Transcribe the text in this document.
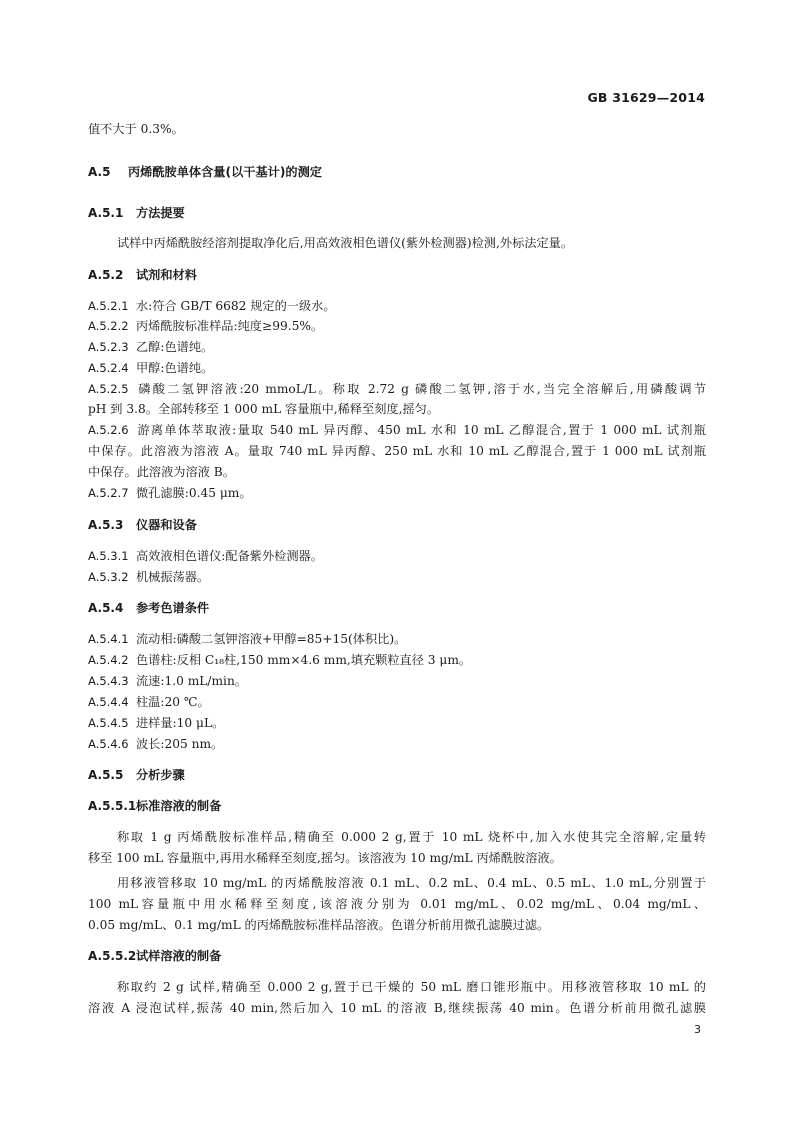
GB 31629—2014
值不大于 0.3%。
A.5 丙烯酰胺单体含量(以干基计)的测定
A.5.1 方法提要
试样中丙烯酰胺经溶剂提取净化后,用高效液相色谱仪(紫外检测器)检测,外标法定量。
A.5.2 试剂和材料
A.5.2.1 水:符合 GB/T 6682 规定的一级水。
A.5.2.2 丙烯酰胺标准样品:纯度≥99.5%。
A.5.2.3 乙醇:色谱纯。
A.5.2.4 甲醇:色谱纯。
A.5.2.5 磷酸二氢钾溶液:20 mmoL/L。称取 2.72 g 磷酸二氢钾,溶于水,当完全溶解后,用磷酸调节
pH 到 3.8。全部转移至 1 000 mL 容量瓶中,稀释至刻度,摇匀。
A.5.2.6 游离单体萃取液:量取 540 mL 异丙醇、450 mL 水和 10 mL 乙醇混合,置于 1 000 mL 试剂瓶
中保存。此溶液为溶液 A。量取 740 mL 异丙醇、250 mL 水和 10 mL 乙醇混合,置于 1 000 mL 试剂瓶
中保存。此溶液为溶液 B。
A.5.2.7 微孔滤膜:0.45 μm。
A.5.3 仪器和设备
A.5.3.1 高效液相色谱仪:配备紫外检测器。
A.5.3.2 机械振荡器。
A.5.4 参考色谱条件
A.5.4.1 流动相:磷酸二氢钾溶液+甲醇=85+15(体积比)。
A.5.4.2 色谱柱:反相 C₁₈柱,150 mm×4.6 mm,填充颗粒直径 3 μm。
A.5.4.3 流速:1.0 mL/min。
A.5.4.4 柱温:20 ℃。
A.5.4.5 进样量:10 μL。
A.5.4.6 波长:205 nm。
A.5.5 分析步骤
A.5.5.1标准溶液的制备
称取 1 g 丙烯酰胺标准样品,精确至 0.000 2 g,置于 10 mL 烧杯中,加入水使其完全溶解,定量转
移至 100 mL 容量瓶中,再用水稀释至刻度,摇匀。该溶液为 10 mg/mL 丙烯酰胺溶液。
用移液管移取 10 mg/mL 的丙烯酰胺溶液 0.1 mL、0.2 mL、0.4 mL、0.5 mL、1.0 mL,分别置于
100 mL容量瓶中用水稀释至刻度,该溶液分别为 0.01 mg/mL、0.02 mg/mL、0.04 mg/mL、
0.05 mg/mL、0.1 mg/mL 的丙烯酰胺标准样品溶液。色谱分析前用微孔滤膜过滤。
A.5.5.2试样溶液的制备
称取约 2 g 试样,精确至 0.000 2 g,置于已干燥的 50 mL 磨口锥形瓶中。用移液管移取 10 mL 的
溶液 A 浸泡试样,振荡 40 min,然后加入 10 mL 的溶液 B,继续振荡 40 min。色谱分析前用微孔滤膜
3
